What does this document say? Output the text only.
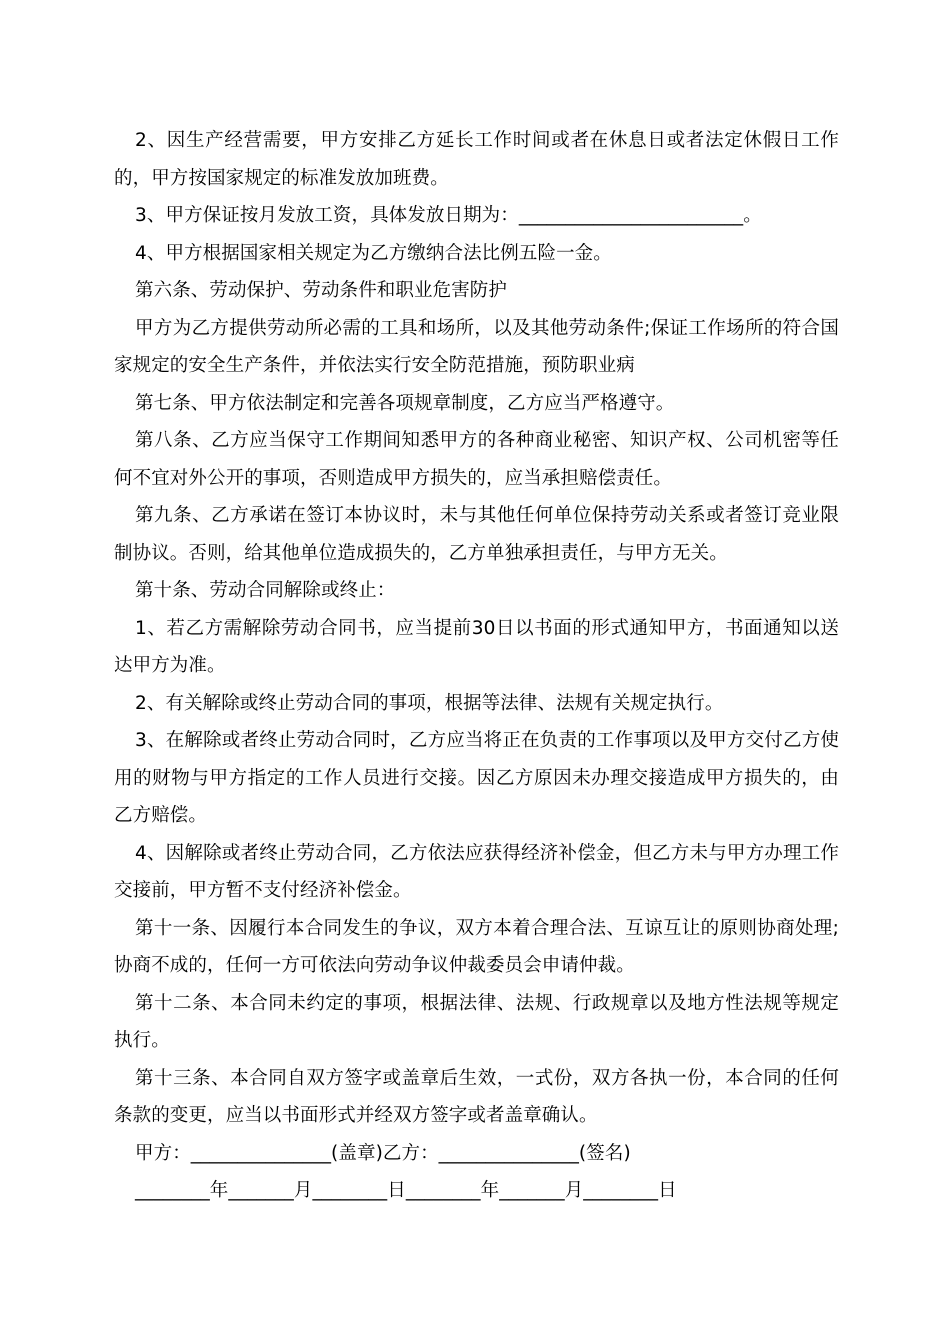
2、因生产经营需要，甲方安排乙方延长工作时间或者在休息日或者法定休假日工作的，甲方按国家规定的标准发放加班费。

3、甲方保证按月发放工资，具体发放日期为：________________________。

4、甲方根据国家相关规定为乙方缴纳合法比例五险一金。

第六条、劳动保护、劳动条件和职业危害防护

甲方为乙方提供劳动所必需的工具和场所，以及其他劳动条件;保证工作场所的符合国家规定的安全生产条件，并依法实行安全防范措施，预防职业病

第七条、甲方依法制定和完善各项规章制度，乙方应当严格遵守。

第八条、乙方应当保守工作期间知悉甲方的各种商业秘密、知识产权、公司机密等任何不宜对外公开的事项，否则造成甲方损失的，应当承担赔偿责任。

第九条、乙方承诺在签订本协议时，未与其他任何单位保持劳动关系或者签订竞业限制协议。否则，给其他单位造成损失的，乙方单独承担责任，与甲方无关。

第十条、劳动合同解除或终止：

1、若乙方需解除劳动合同书，应当提前30日以书面的形式通知甲方，书面通知以送达甲方为准。

2、有关解除或终止劳动合同的事项，根据等法律、法规有关规定执行。

3、在解除或者终止劳动合同时，乙方应当将正在负责的工作事项以及甲方交付乙方使用的财物与甲方指定的工作人员进行交接。因乙方原因未办理交接造成甲方损失的，由乙方赔偿。

4、因解除或者终止劳动合同，乙方依法应获得经济补偿金，但乙方未与甲方办理工作交接前，甲方暂不支付经济补偿金。

第十一条、因履行本合同发生的争议，双方本着合理合法、互谅互让的原则协商处理;协商不成的，任何一方可依法向劳动争议仲裁委员会申请仲裁。

第十二条、本合同未约定的事项，根据法律、法规、行政规章以及地方性法规等规定执行。

第十三条、本合同自双方签字或盖章后生效，一式份，双方各执一份，本合同的任何条款的变更，应当以书面形式并经双方签字或者盖章确认。

甲方：_______________(盖章)乙方：_______________(签名)

________年_______月________日________年_______月________日
